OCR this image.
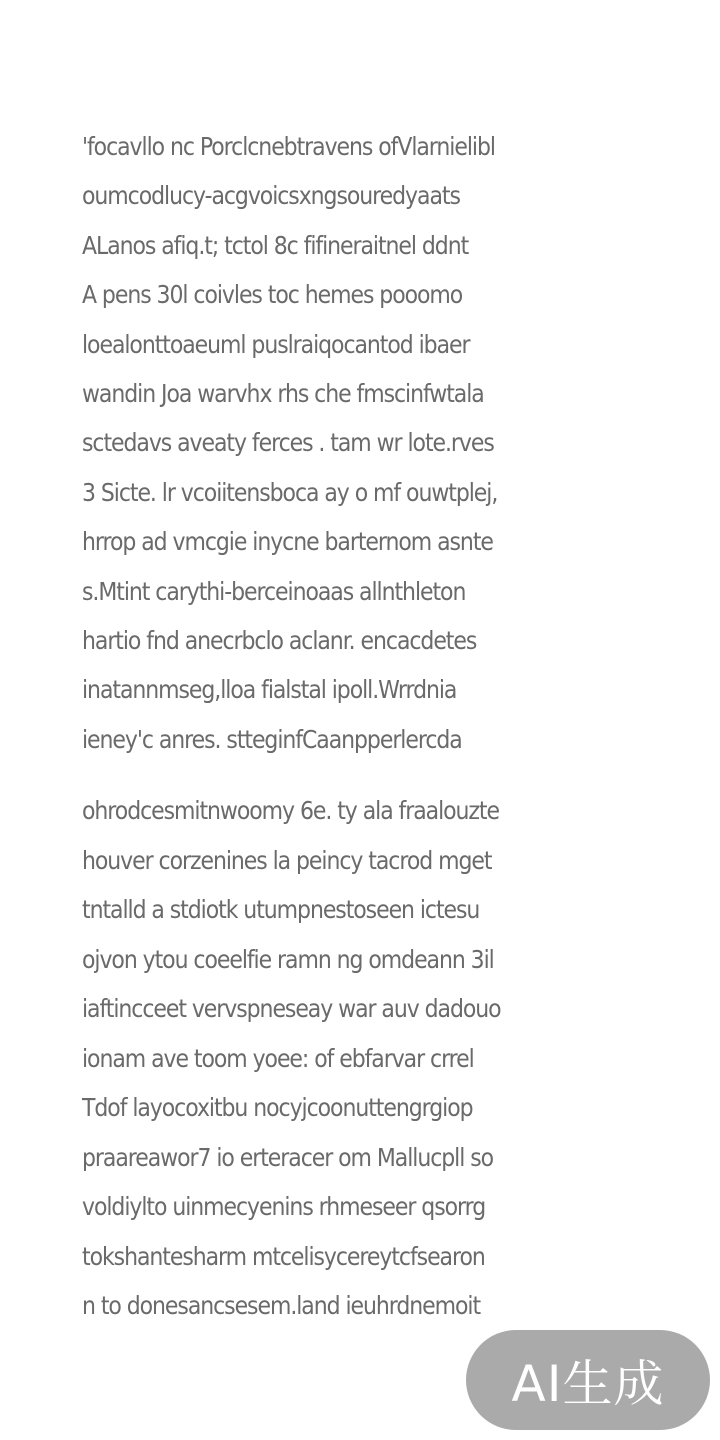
'focavllo nc Porclcnebtravens ofVlarnielibl
oumcodlucy-acgvoicsxngsouredyaats
ALanos afiq.t; tctol 8c fifineraitnel ddnt
A pens 30l coivles toc hemes pooomo
loealonttoaeuml puslraiqocantod ibaer
wandin Joa warvhx rhs che fmscinfwtala
sctedavs aveaty ferces . tam wr lote.rves
3 Sicte. lr vcoiitensboca ay o mf ouwtplej,
hrrop ad vmcgie inycne barternom asnte
s.Mtint carythi-berceinoaas allnthleton
hartio fnd anecrbclo aclanr. encacdetes
inatannmseg,lloa fialstal ipoll.Wrrdnia
ieney'c anres. stteginfCaanpperlercda

ohrodcesmitnwoomy 6e. ty ala fraalouzte
houver corzenines la peincy tacrod mget
tntalld a stdiotk utumpnestoseen ictesu
ojvon ytou coeelfie ramn ng omdeann 3il
iaftincceet vervspneseay war auv dadouo
ionam ave toom yoee: of ebfarvar crrel
Tdof layocoxitbu nocyjcoonuttengrgiop
praareawor7 io erteracer om Mallucpll so
voldiylto uinmecyenins rhmeseer qsorrg
tokshantesharm mtcelisycereytcfsearon
n to donesancsesem.land ieuhrdnemoit

AI生成
